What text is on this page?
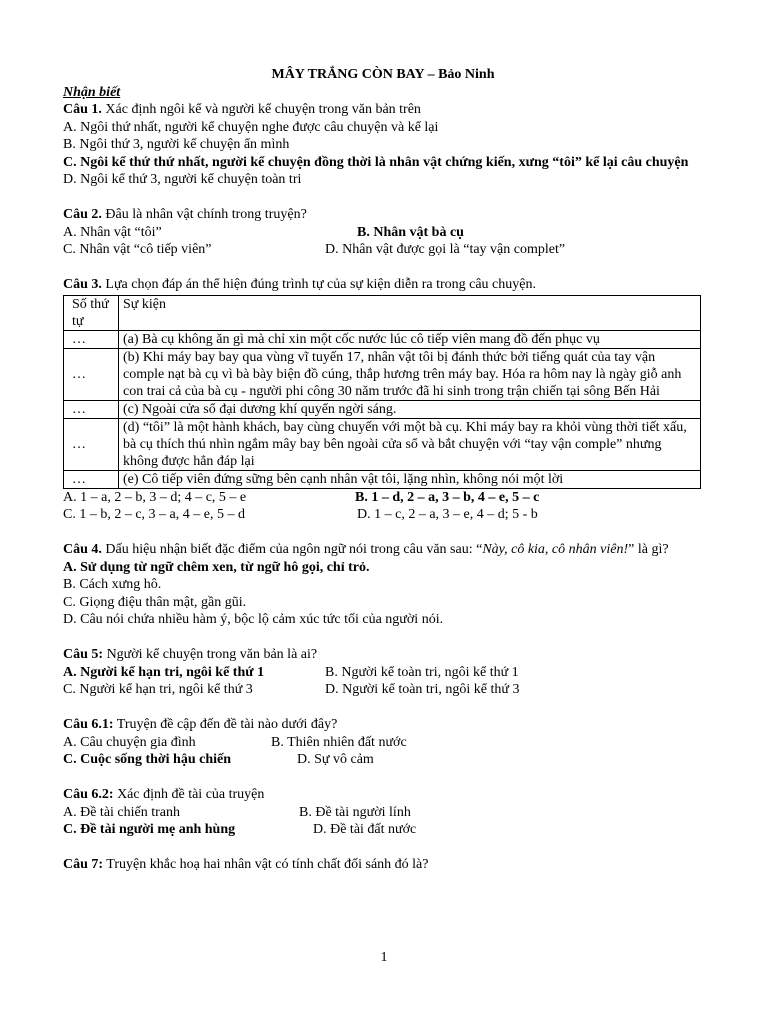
MÂY TRẮNG CÒN BAY – Bảo Ninh
Nhận biết
Câu 1. Xác định ngôi kể và người kể chuyện trong văn bản trên
A. Ngôi thứ nhất, người kể chuyện nghe được câu chuyện và kể lại
B. Ngôi thứ 3, người kể chuyện ẩn mình
C. Ngôi kể thứ thứ nhất, người kể chuyện đồng thời là nhân vật chứng kiến, xưng “tôi” kể lại câu chuyện
D. Ngôi kể thứ 3, người kể chuyện toàn tri
Câu 2. Đâu là nhân vật chính trong truyện?
A. Nhân vật “tôi”	B. Nhân vật bà cụ
C. Nhân vật “cô tiếp viên”	D. Nhân vật được gọi là “tay vận complet”
Câu 3. Lựa chọn đáp án thể hiện đúng trình tự của sự kiện diễn ra trong câu chuyện.
Số thứ tự	Sự kiện
…	(a) Bà cụ không ăn gì mà chỉ xin một cốc nước lúc cô tiếp viên mang đồ đến phục vụ
…	(b) Khi máy bay bay qua vùng vĩ tuyến 17, nhân vật tôi bị đánh thức bởi tiếng quát của tay vận comple nạt bà cụ vì bà bày biện đồ cúng, thắp hương trên máy bay. Hóa ra hôm nay là ngày giỗ anh con trai cả của bà cụ - người phi công 30 năm trước đã hi sinh trong trận chiến tại sông Bến Hải
…	(c) Ngoài cửa sổ đại dương khí quyển ngời sáng.
…	(d) “tôi” là một hành khách, bay cùng chuyến với một bà cụ. Khi máy bay ra khỏi vùng thời tiết xấu, bà cụ thích thú nhìn ngắm mây bay bên ngoài cửa sổ và bắt chuyện với “tay vận comple” nhưng không được hẳn đáp lại
…	(e) Cô tiếp viên đứng sững bên cạnh nhân vật tôi, lặng nhìn, không nói một lời
A. 1 – a, 2 – b, 3 – d; 4 – c, 5 – e	B. 1 – d, 2 – a, 3 – b, 4 – e, 5 – c
C. 1 – b, 2 – c, 3 – a, 4 – e, 5 – d	D. 1 – c, 2 – a, 3 – e, 4 – d; 5 - b
Câu 4. Dấu hiệu nhận biết đặc điểm của ngôn ngữ nói trong câu văn sau: “Này, cô kia, cô nhân viên!” là gì?
A. Sử dụng từ ngữ chêm xen, từ ngữ hô gọi, chỉ trỏ.
B. Cách xưng hô.
C. Giọng điệu thân mật, gần gũi.
D. Câu nói chứa nhiều hàm ý, bộc lộ cảm xúc tức tối của người nói.
Câu 5: Người kể chuyện trong văn bản là ai?
A. Người kể hạn tri, ngôi kể thứ 1	B. Người kể toàn tri, ngôi kể thứ 1
C. Người kể hạn tri, ngôi kể thứ 3	D. Người kể toàn tri, ngôi kể thứ 3
Câu 6.1: Truyện đề cập đến đề tài nào dưới đây?
A. Câu chuyện gia đình	B. Thiên nhiên đất nước
C. Cuộc sống thời hậu chiến	D. Sự vô cảm
Câu 6.2: Xác định đề tài của truyện
A. Đề tài chiến tranh	B. Đề tài người lính
C. Đề tài người mẹ anh hùng	D. Đề tài đất nước
Câu 7: Truyện khắc hoạ hai nhân vật có tính chất đối sánh đó là?
1
